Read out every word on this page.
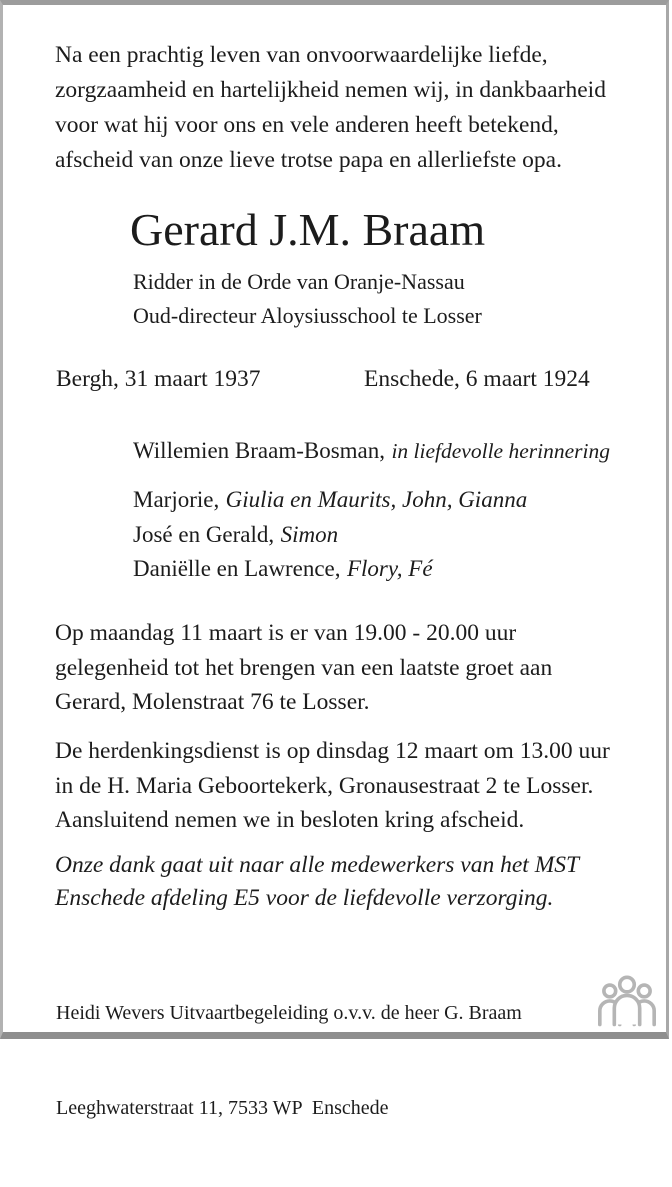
Na een prachtig leven van onvoorwaardelijke liefde,
zorgzaamheid en hartelijkheid nemen wij, in dankbaarheid
voor wat hij voor ons en vele anderen heeft betekend,
afscheid van onze lieve trotse papa en allerliefste opa.
Gerard J.M. Braam
Ridder in de Orde van Oranje-Nassau
Oud-directeur Aloysiusschool te Losser
Bergh, 31 maart 1937	Enschede, 6 maart 1924
Willemien Braam-Bosman, in liefdevolle herinnering
Marjorie, Giulia en Maurits, John, Gianna
José en Gerald, Simon
Daniëlle en Lawrence, Flory, Fé
Op maandag 11 maart is er van 19.00 - 20.00 uur
gelegenheid tot het brengen van een laatste groet aan
Gerard, Molenstraat 76 te Losser.
De herdenkingsdienst is op dinsdag 12 maart om 13.00 uur
in de H. Maria Geboortekerk, Gronausestraat 2 te Losser.
Aansluitend nemen we in besloten kring afscheid.
Onze dank gaat uit naar alle medewerkers van het MST
Enschede afdeling E5 voor de liefdevolle verzorging.

Heidi Wevers Uitvaartbegeleiding o.v.v. de heer G. Braam

Leeghwaterstraat 11, 7533 WP  Enschede
